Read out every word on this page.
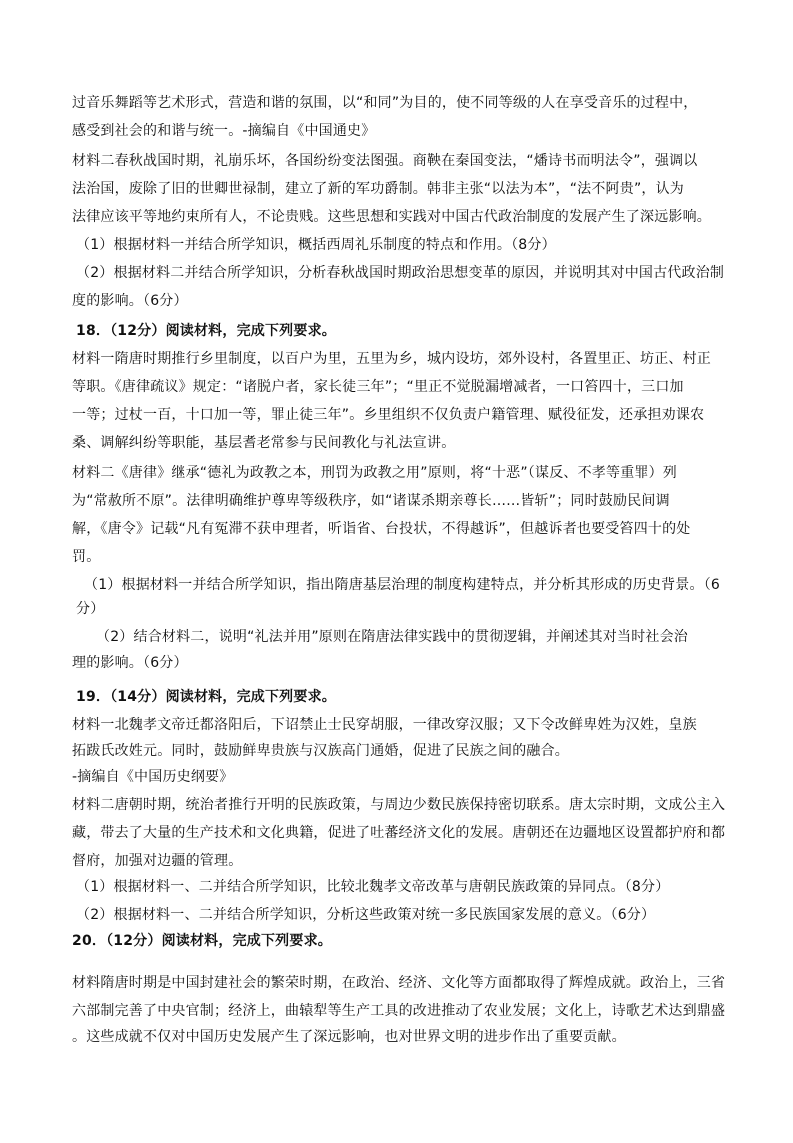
过音乐舞蹈等艺术形式，营造和谐的氛围，以“和同”为目的，使不同等级的人在享受音乐的过程中，
感受到社会的和谐与统一。-摘编自《中国通史》
材料二春秋战国时期，礼崩乐坏，各国纷纷变法图强。商鞅在秦国变法，“燔诗书而明法令”，强调以
法治国，废除了旧的世卿世禄制，建立了新的军功爵制。韩非主张“以法为本”，“法不阿贵”，认为
法律应该平等地约束所有人，不论贵贱。这些思想和实践对中国古代政治制度的发展产生了深远影响。
（1）根据材料一并结合所学知识，概括西周礼乐制度的特点和作用。（8分）
（2）根据材料二并结合所学知识，分析春秋战国时期政治思想变革的原因，并说明其对中国古代政治制
度的影响。（6分）
18．（12分）阅读材料，完成下列要求。
材料一隋唐时期推行乡里制度，以百户为里，五里为乡，城内设坊，郊外设村，各置里正、坊正、村正
等职。《唐律疏议》规定：“诸脱户者，家长徒三年”；“里正不觉脱漏增减者，一口笞四十，三口加
一等；过杖一百，十口加一等，罪止徒三年”。乡里组织不仅负责户籍管理、赋役征发，还承担劝课农
桑、调解纠纷等职能，基层耆老常参与民间教化与礼法宣讲。
材料二《唐律》继承“德礼为政教之本，刑罚为政教之用”原则，将“十恶”（谋反、不孝等重罪）列
为“常赦所不原”。法律明确维护尊卑等级秩序，如“诸谋杀期亲尊长……皆斩”；同时鼓励民间调
解，《唐令》记载“凡有冤滞不获申理者，听诣省、台投状，不得越诉”，但越诉者也要受笞四十的处
罚。
（1）根据材料一并结合所学知识，指出隋唐基层治理的制度构建特点，并分析其形成的历史背景。（6
分）
（2）结合材料二，说明“礼法并用”原则在隋唐法律实践中的贯彻逻辑，并阐述其对当时社会治
理的影响。（6分）
19．（14分）阅读材料，完成下列要求。
材料一北魏孝文帝迁都洛阳后，下诏禁止士民穿胡服，一律改穿汉服；又下令改鲜卑姓为汉姓，皇族
拓跋氏改姓元。同时，鼓励鲜卑贵族与汉族高门通婚，促进了民族之间的融合。
-摘编自《中国历史纲要》
材料二唐朝时期，统治者推行开明的民族政策，与周边少数民族保持密切联系。唐太宗时期，文成公主入
藏，带去了大量的生产技术和文化典籍，促进了吐蕃经济文化的发展。唐朝还在边疆地区设置都护府和都
督府，加强对边疆的管理。
（1）根据材料一、二并结合所学知识，比较北魏孝文帝改革与唐朝民族政策的异同点。（8分）
（2）根据材料一、二并结合所学知识，分析这些政策对统一多民族国家发展的意义。（6分）
20．（12分）阅读材料，完成下列要求。
材料隋唐时期是中国封建社会的繁荣时期，在政治、经济、文化等方面都取得了辉煌成就。政治上，三省
六部制完善了中央官制；经济上，曲辕犁等生产工具的改进推动了农业发展；文化上，诗歌艺术达到鼎盛
。这些成就不仅对中国历史发展产生了深远影响，也对世界文明的进步作出了重要贡献。
